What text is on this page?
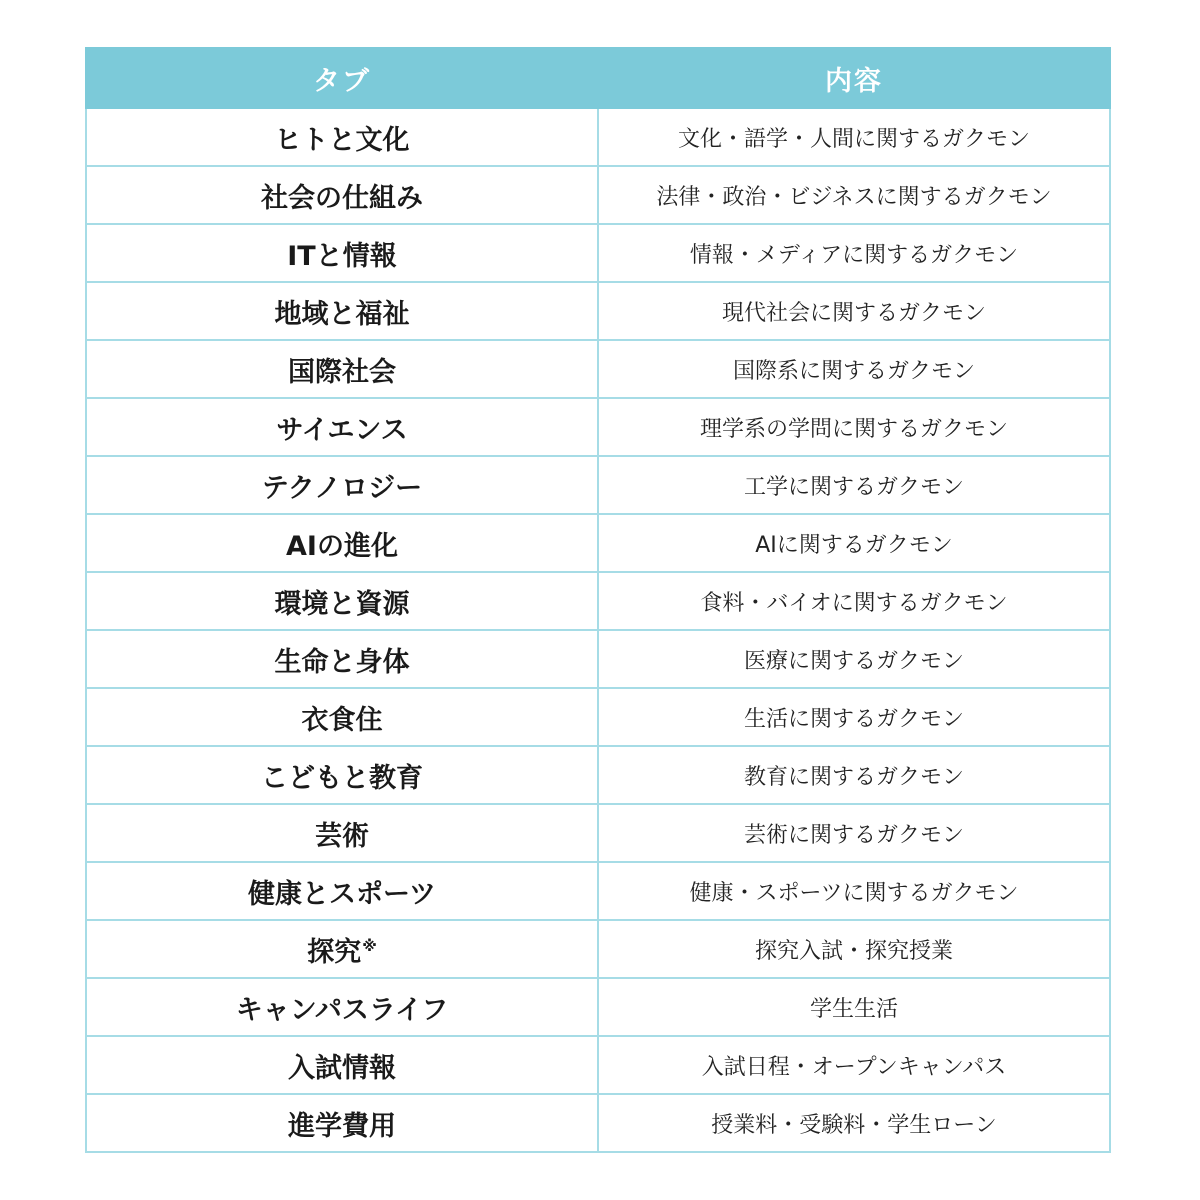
タブ	内容
ヒトと文化	文化・語学・人間に関するガクモン
社会の仕組み	法律・政治・ビジネスに関するガクモン
ITと情報	情報・メディアに関するガクモン
地域と福祉	現代社会に関するガクモン
国際社会	国際系に関するガクモン
サイエンス	理学系の学問に関するガクモン
テクノロジー	工学に関するガクモン
AIの進化	AIに関するガクモン
環境と資源	食料・バイオに関するガクモン
生命と身体	医療に関するガクモン
衣食住	生活に関するガクモン
こどもと教育	教育に関するガクモン
芸術	芸術に関するガクモン
健康とスポーツ	健康・スポーツに関するガクモン
探究※	探究入試・探究授業
キャンパスライフ	学生生活
入試情報	入試日程・オープンキャンパス
進学費用	授業料・受験料・学生ローン
